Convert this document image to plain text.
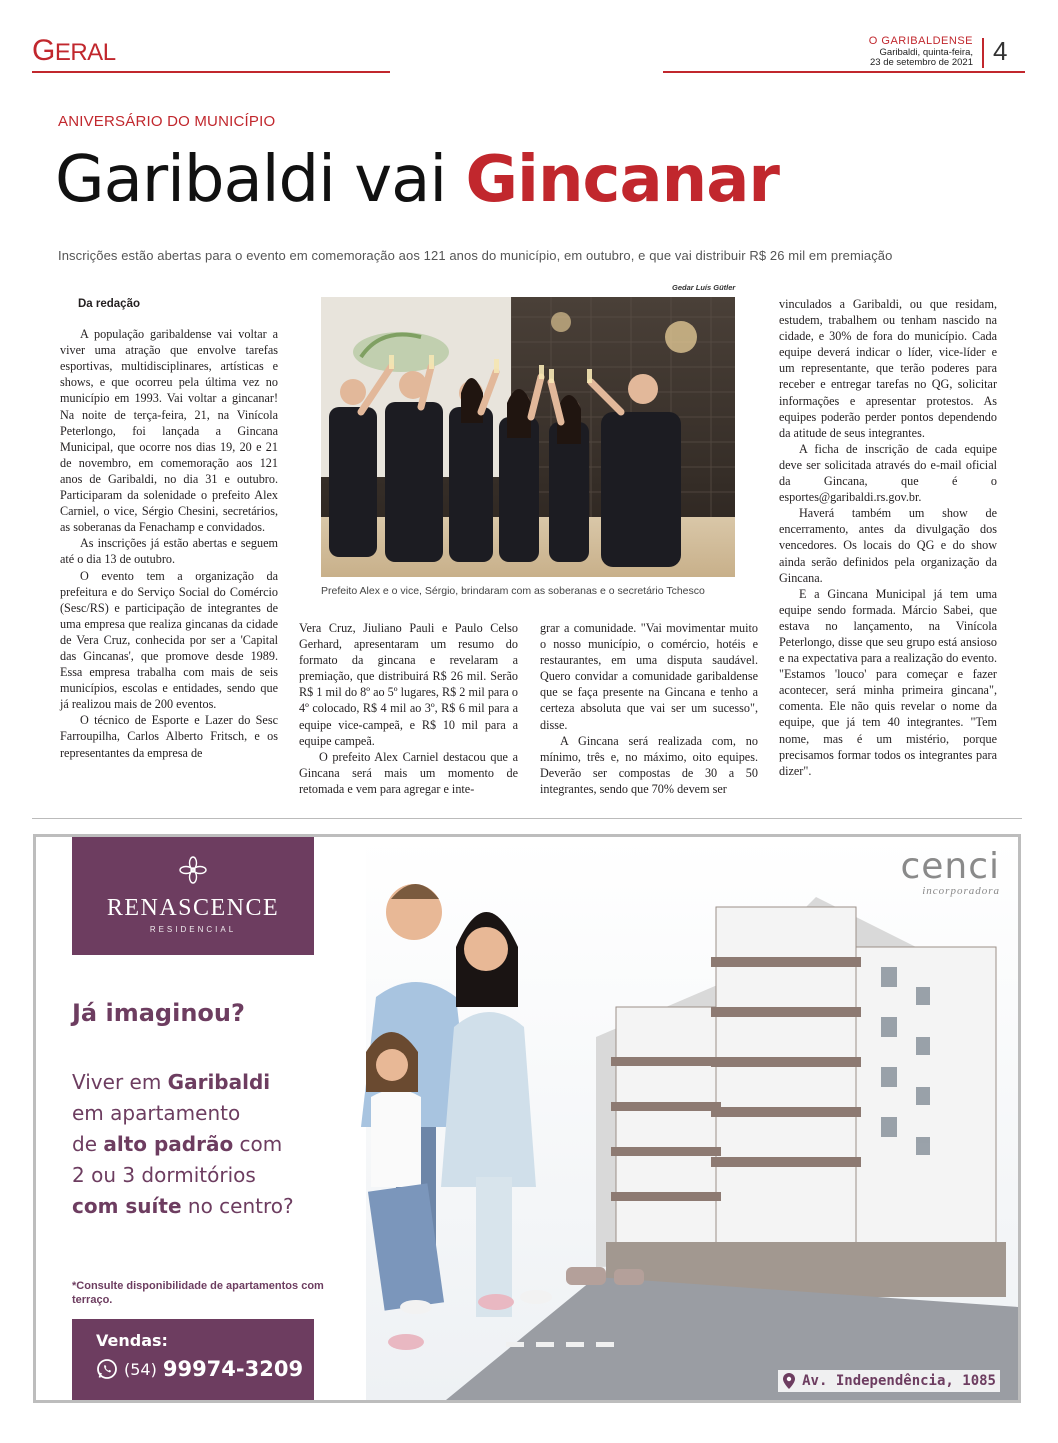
GERAL	O GARIBALDENSE
Garibaldi, quinta-feira,
23 de setembro de 2021 4
ANIVERSÁRIO DO MUNICÍPIO
Garibaldi vai Gincanar
Inscrições estão abertas para o evento em comemoração aos 121 anos do município, em outubro, e que vai distribuir R$ 26 mil em premiação
Da redação

A população garibaldense vai voltar a viver uma atração que envolve tarefas esportivas, multidisciplinares, artísticas e shows, e que ocorreu pela última vez no município em 1993. Vai voltar a gincanar! Na noite de terça-feira, 21, na Vinícola Peterlongo, foi lançada a Gincana Municipal, que ocorre nos dias 19, 20 e 21 de novembro, em comemoração aos 121 anos de Garibaldi, no dia 31 e outubro. Participaram da solenidade o prefeito Alex Carniel, o vice, Sérgio Chesini, secretários, as soberanas da Fenachamp e convidados.

As inscrições já estão abertas e seguem até o dia 13 de outubro.

O evento tem a organização da prefeitura e do Serviço Social do Comércio (Sesc/RS) e participação de integrantes de uma empresa que realiza gincanas da cidade de Vera Cruz, conhecida por ser a 'Capital das Gincanas', que promove desde 1989. Essa empresa trabalha com mais de seis municípios, escolas e entidades, sendo que já realizou mais de 200 eventos.

O técnico de Esporte e Lazer do Sesc Farroupilha, Carlos Alberto Fritsch, e os representantes da empresa de

Gedar Luís Gütler
Prefeito Alex e o vice, Sérgio, brindaram com as soberanas e o secretário Tchesco

Vera Cruz, Jiuliano Pauli e Paulo Celso Gerhard, apresentaram um resumo do formato da gincana e revelaram a premiação, que distribuirá R$ 26 mil. Serão R$ 1 mil do 8º ao 5º lugares, R$ 2 mil para o 4º colocado, R$ 4 mil ao 3º, R$ 6 mil para a equipe vice-campeã, e R$ 10 mil para a equipe campeã.

O prefeito Alex Carniel destacou que a Gincana será mais um momento de retomada e vem para agregar e inte-

grar a comunidade. "Vai movimentar muito o nosso município, o comércio, hotéis e restaurantes, em uma disputa saudável. Quero convidar a comunidade garibaldense que se faça presente na Gincana e tenho a certeza absoluta que vai ser um sucesso", disse.

A Gincana será realizada com, no mínimo, três e, no máximo, oito equipes. Deverão ser compostas de 30 a 50 integrantes, sendo que 70% devem ser

vinculados a Garibaldi, ou que residam, estudem, trabalhem ou tenham nascido na cidade, e 30% de fora do município. Cada equipe deverá indicar o líder, vice-líder e um representante, que terão poderes para receber e entregar tarefas no QG, solicitar informações e apresentar protestos. As equipes poderão perder pontos dependendo da atitude de seus integrantes.

A ficha de inscrição de cada equipe deve ser solicitada através do e-mail oficial da Gincana, que é o esportes@garibaldi.rs.gov.br.

Haverá também um show de encerramento, antes da divulgação dos vencedores. Os locais do QG e do show ainda serão definidos pela organização da Gincana.

E a Gincana Municipal já tem uma equipe sendo formada. Márcio Sabei, que estava no lançamento, na Vinícola Peterlongo, disse que seu grupo está ansioso e na expectativa para a realização do evento. "Estamos 'louco' para começar e fazer acontecer, será minha primeira gincana", comenta. Ele não quis revelar o nome da equipe, que já tem 40 integrantes. "Tem nome, mas é um mistério, porque precisamos formar todos os integrantes para dizer".

RENASCENCE
RESIDENCIAL
Já imaginou?
Viver em Garibaldi
em apartamento
de alto padrão com
2 ou 3 dormitórios
com suíte no centro?
*Consulte disponibilidade de apartamentos com terraço.
Vendas:
(54) 99974-3209
cenci
incorporadora
Av. Independência, 1085
